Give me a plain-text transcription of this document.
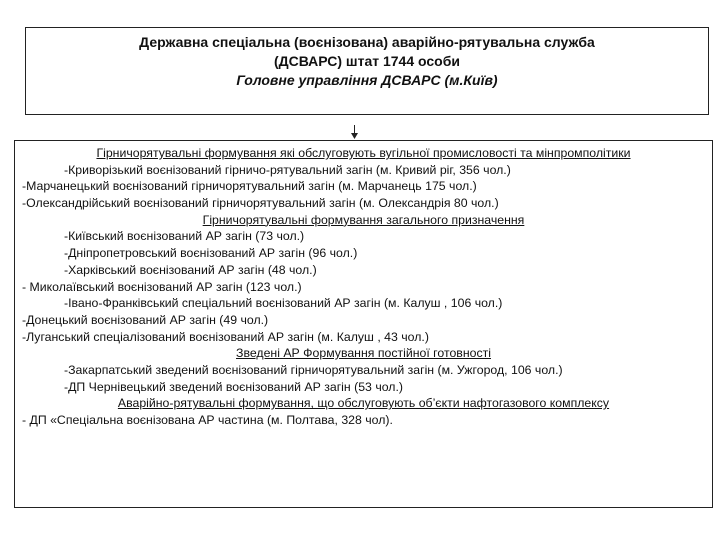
Державна спеціальна (воєнізована) аварійно-рятувальна служба
(ДСВАРС) штат 1744 особи
Головне управління ДСВАРС (м.Київ)
Гірничорятувальні формування які обслуговують вугільної промисловості та мінпромполітики
-Криворізький воєнізований гірничо-рятувальний загін (м. Кривий ріг, 356 чол.)
-Марчанецький воєнізований гірничорятувальний загін (м. Марчанець 175 чол.)
-Олександрійський воєнізований гірничорятувальний загін (м. Олександрія 80 чол.)
Гірничорятувальні формування загального призначення
-Київський воєнізований АР загін (73 чол.)
-Дніпропетровський воєнізований АР загін (96 чол.)
-Харківський воєнізований АР загін (48 чол.)
- Миколаївський воєнізований АР загін (123 чол.)
-Івано-Франківський спеціальний воєнізований АР загін (м. Калуш , 106 чол.)
-Донецький воєнізований АР загін (49 чол.)
-Луганський спеціалізований воєнізований АР загін (м. Калуш , 43 чол.)
Зведені АР Формування постійної готовності
-Закарпатський зведений воєнізований гірничорятувальний загін (м. Ужгород, 106 чол.)
-ДП Чернівецький зведений воєнізований АР загін (53 чол.)
Аварійно-рятувальні формування, що обслуговують об’єкти нафтогазового комплексу
- ДП «Спеціальна воєнізована АР частина (м. Полтава, 328 чол).
